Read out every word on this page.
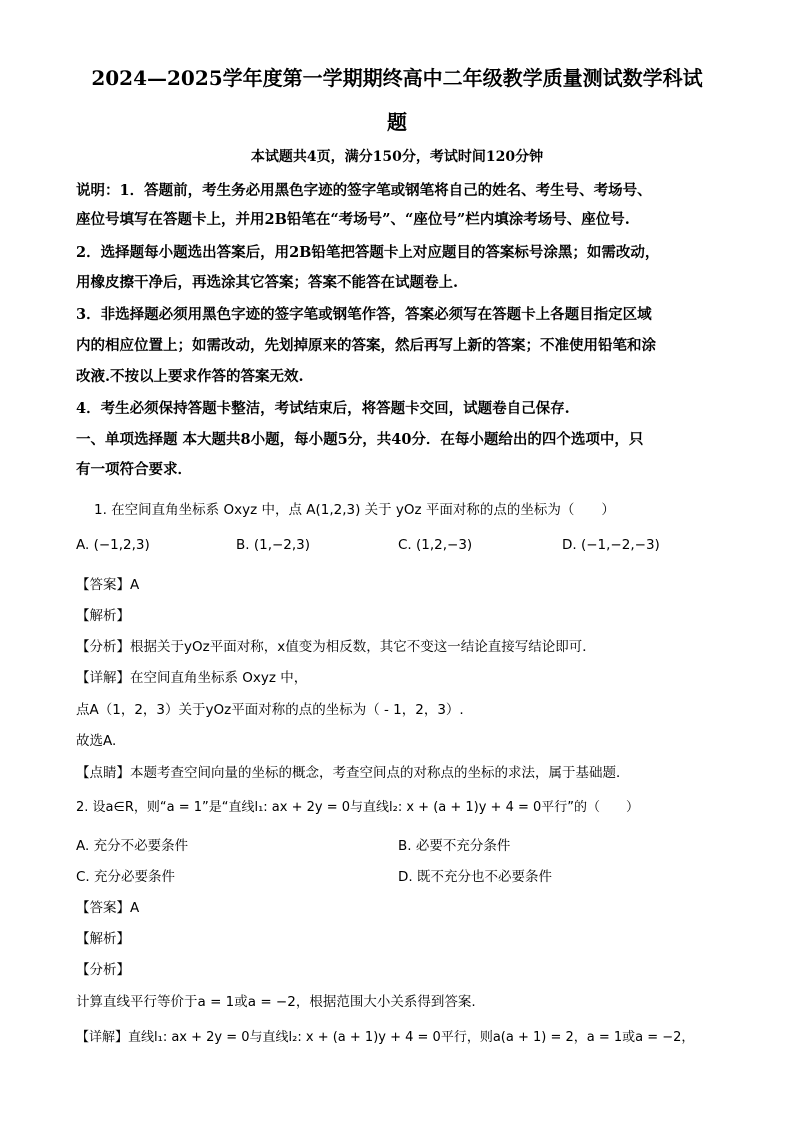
2024—2025学年度第一学期期终高中二年级教学质量测试数学科试
题
本试题共4页，满分150分，考试时间120分钟
说明：1．答题前，考生务必用黑色字迹的签字笔或钢笔将自己的姓名、考生号、考场号、
座位号填写在答题卡上，并用2B铅笔在“考场号”、“座位号”栏内填涂考场号、座位号.
2．选择题每小题选出答案后，用2B铅笔把答题卡上对应题目的答案标号涂黑；如需改动，
用橡皮擦干净后，再选涂其它答案；答案不能答在试题卷上.
3．非选择题必须用黑色字迹的签字笔或钢笔作答，答案必须写在答题卡上各题目指定区域
内的相应位置上；如需改动，先划掉原来的答案，然后再写上新的答案；不准使用铅笔和涂
改液.不按以上要求作答的答案无效.
4．考生必须保持答题卡整洁，考试结束后，将答题卡交回，试题卷自己保存.
一、单项选择题 本大题共8小题，每小题5分，共40分．在每小题给出的四个选项中，只
有一项符合要求．
1. 在空间直角坐标系 Oxyz 中，点 A(1,2,3) 关于 yOz 平面对称的点的坐标为（　　）
A. (−1,2,3)	B. (1,−2,3)	C. (1,2,−3)	D. (−1,−2,−3)
【答案】A
【解析】
【分析】根据关于yOz平面对称，x值变为相反数，其它不变这一结论直接写结论即可．
【详解】在空间直角坐标系 Oxyz 中，
点A（1，2，3）关于yOz平面对称的点的坐标为（ - 1，2，3）.
故选A.
【点睛】本题考查空间向量的坐标的概念，考查空间点的对称点的坐标的求法，属于基础题．
2. 设a∈R，则“a = 1”是“直线l₁: ax + 2y = 0与直线l₂: x + (a + 1)y + 4 = 0平行”的（　　）
A. 充分不必要条件	B. 必要不充分条件
C. 充分必要条件	D. 既不充分也不必要条件
【答案】A
【解析】
【分析】
计算直线平行等价于a = 1或a = −2，根据范围大小关系得到答案.
【详解】直线l₁: ax + 2y = 0与直线l₂: x + (a + 1)y + 4 = 0平行，则a(a + 1) = 2，a = 1或a = −2，
